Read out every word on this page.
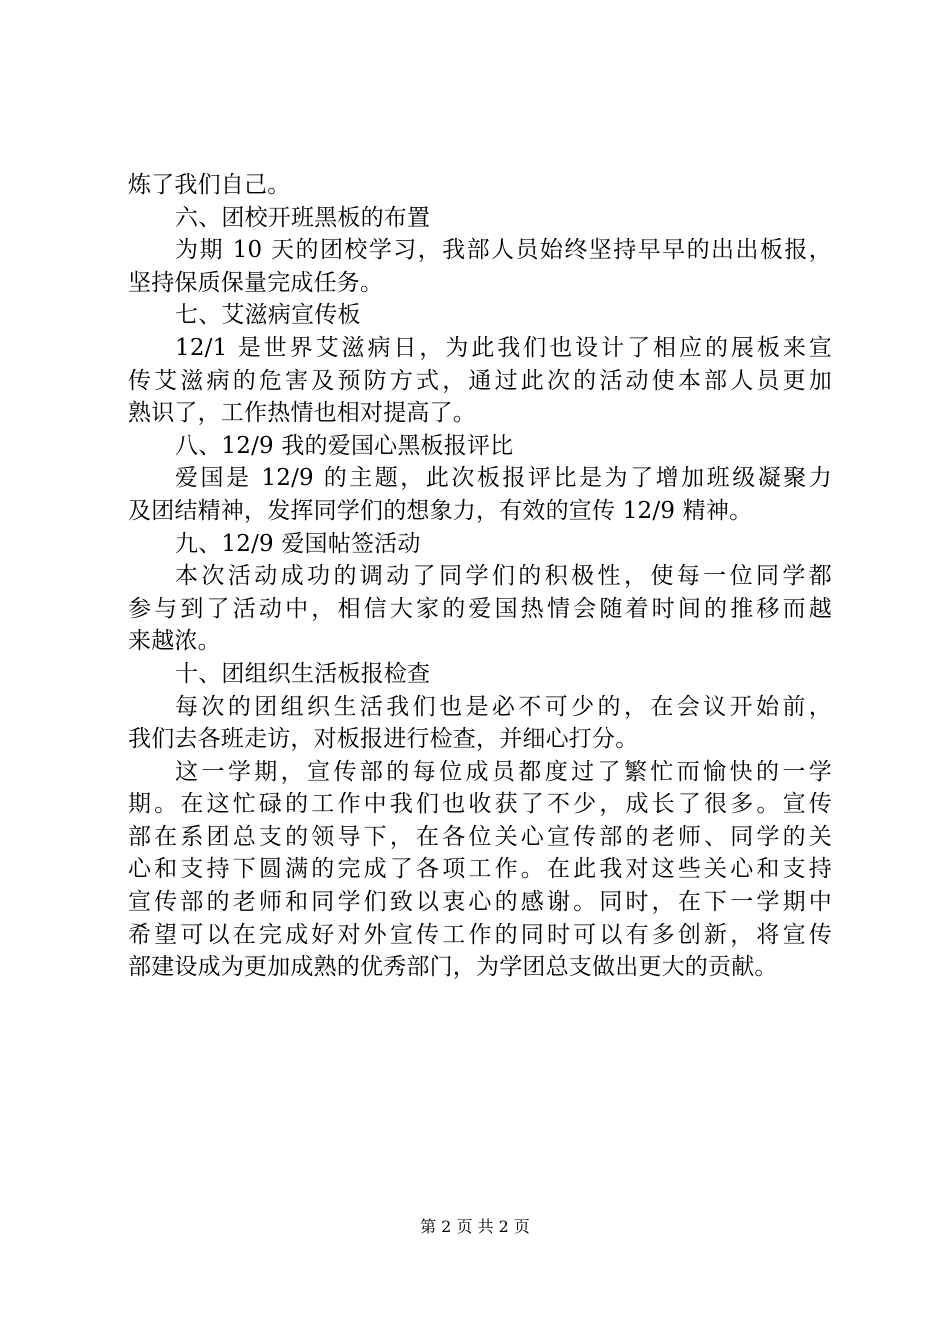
炼了我们自己。
六、团校开班黑板的布置
为期 10 天的团校学习，我部人员始终坚持早早的出出板报，
坚持保质保量完成任务。
七、艾滋病宣传板
12/1 是世界艾滋病日，为此我们也设计了相应的展板来宣
传艾滋病的危害及预防方式，通过此次的活动使本部人员更加
熟识了，工作热情也相对提高了。
八、12/9 我的爱国心黑板报评比
爱国是 12/9 的主题，此次板报评比是为了增加班级凝聚力
及团结精神，发挥同学们的想象力，有效的宣传 12/9 精神。
九、12/9 爱国帖签活动
本次活动成功的调动了同学们的积极性，使每一位同学都
参与到了活动中，相信大家的爱国热情会随着时间的推移而越
来越浓。
十、团组织生活板报检查
每次的团组织生活我们也是必不可少的，在会议开始前，
我们去各班走访，对板报进行检查，并细心打分。
这一学期，宣传部的每位成员都度过了繁忙而愉快的一学
期。在这忙碌的工作中我们也收获了不少，成长了很多。宣传
部在系团总支的领导下，在各位关心宣传部的老师、同学的关
心和支持下圆满的完成了各项工作。在此我对这些关心和支持
宣传部的老师和同学们致以衷心的感谢。同时，在下一学期中
希望可以在完成好对外宣传工作的同时可以有多创新，将宣传
部建设成为更加成熟的优秀部门，为学团总支做出更大的贡献。
第 2 页 共 2 页
